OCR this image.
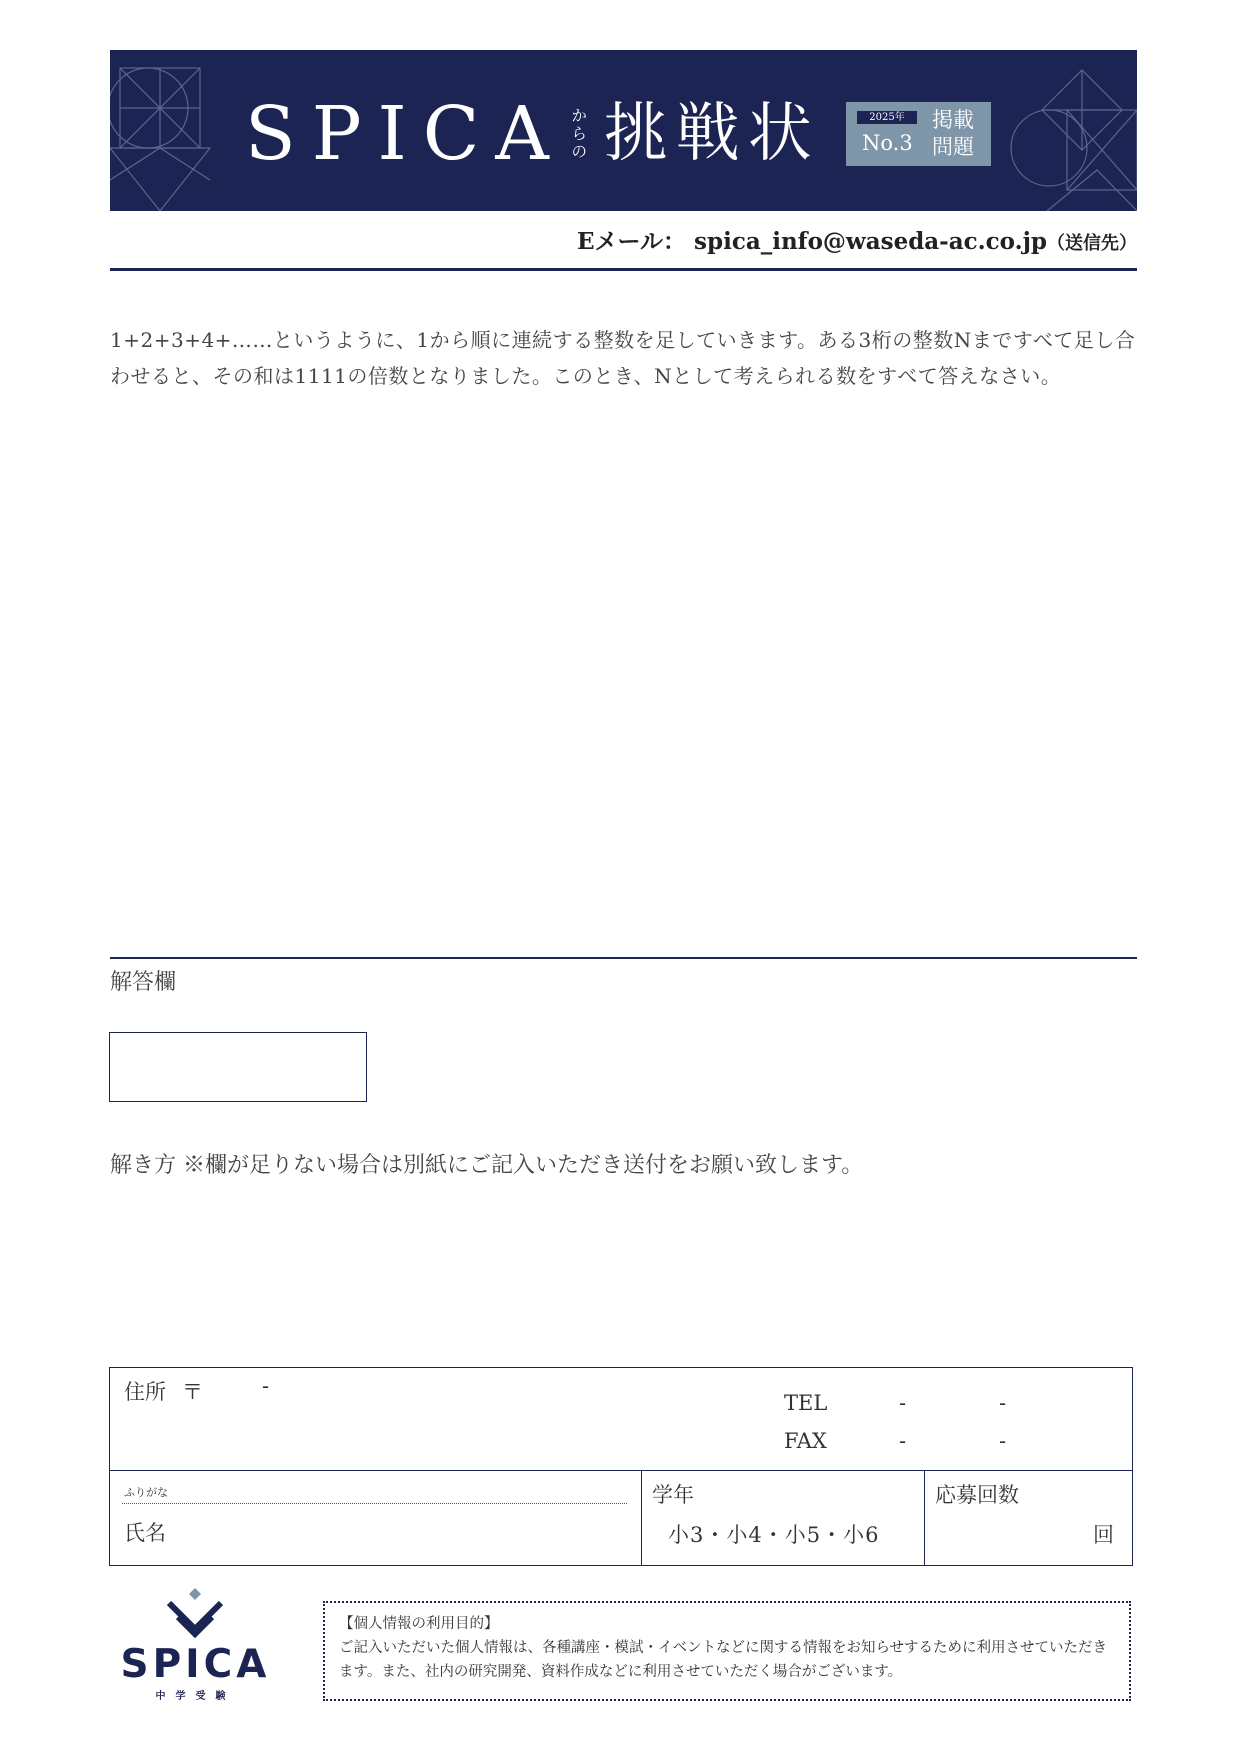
SPICA からの 挑戦状	2025年
No.3
掲載問題
Eメール： spica_info@waseda-ac.co.jp（送信先）
1+2+3+4+……というように、1から順に連続する整数を足していきます。ある3桁の整数Nまですべて足し合わせると、その和は1111の倍数となりました。このとき、Nとして考えられる数をすべて答えなさい。
解答欄
解き方 ※欄が足りない場合は別紙にご記入いただき送付をお願い致します。
住所 〒	-
TEL	-	-
FAX	-	-

ふりがな
氏名

学年
小3・小4・小5・小6

応募回数
回
SPICA
中学受験
【個人情報の利用目的】
ご記入いただいた個人情報は、各種講座・模試・イベントなどに関する情報をお知らせするために利用させていただきます。また、社内の研究開発、資料作成などに利用させていただく場合がございます。
